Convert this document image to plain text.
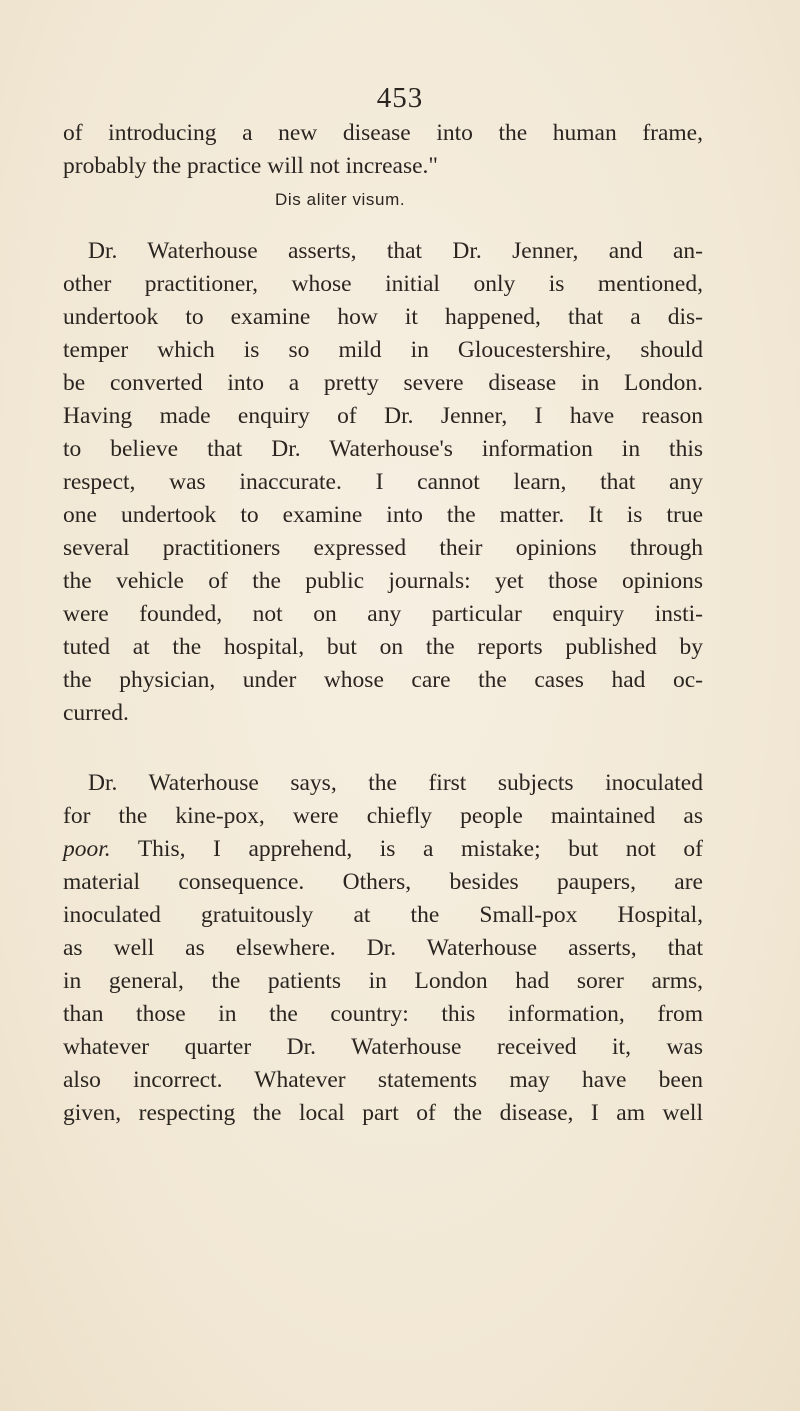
453
of introducing a new disease into the human frame,
probably the practice will not increase."
Dis aliter visum.
Dr. Waterhouse asserts, that Dr. Jenner, and an-
other practitioner, whose initial only is mentioned,
undertook to examine how it happened, that a dis-
temper which is so mild in Gloucestershire, should
be converted into a pretty severe disease in London.
Having made enquiry of Dr. Jenner, I have reason
to believe that Dr. Waterhouse's information in this
respect, was inaccurate. I cannot learn, that any
one undertook to examine into the matter. It is true
several practitioners expressed their opinions through
the vehicle of the public journals: yet those opinions
were founded, not on any particular enquiry insti-
tuted at the hospital, but on the reports published by
the physician, under whose care the cases had oc-
curred.
Dr. Waterhouse says, the first subjects inoculated
for the kine-pox, were chiefly people maintained as
poor. This, I apprehend, is a mistake; but not of
material consequence. Others, besides paupers, are
inoculated gratuitously at the Small-pox Hospital,
as well as elsewhere. Dr. Waterhouse asserts, that
in general, the patients in London had sorer arms,
than those in the country: this information, from
whatever quarter Dr. Waterhouse received it, was
also incorrect. Whatever statements may have been
given, respecting the local part of the disease, I am well
